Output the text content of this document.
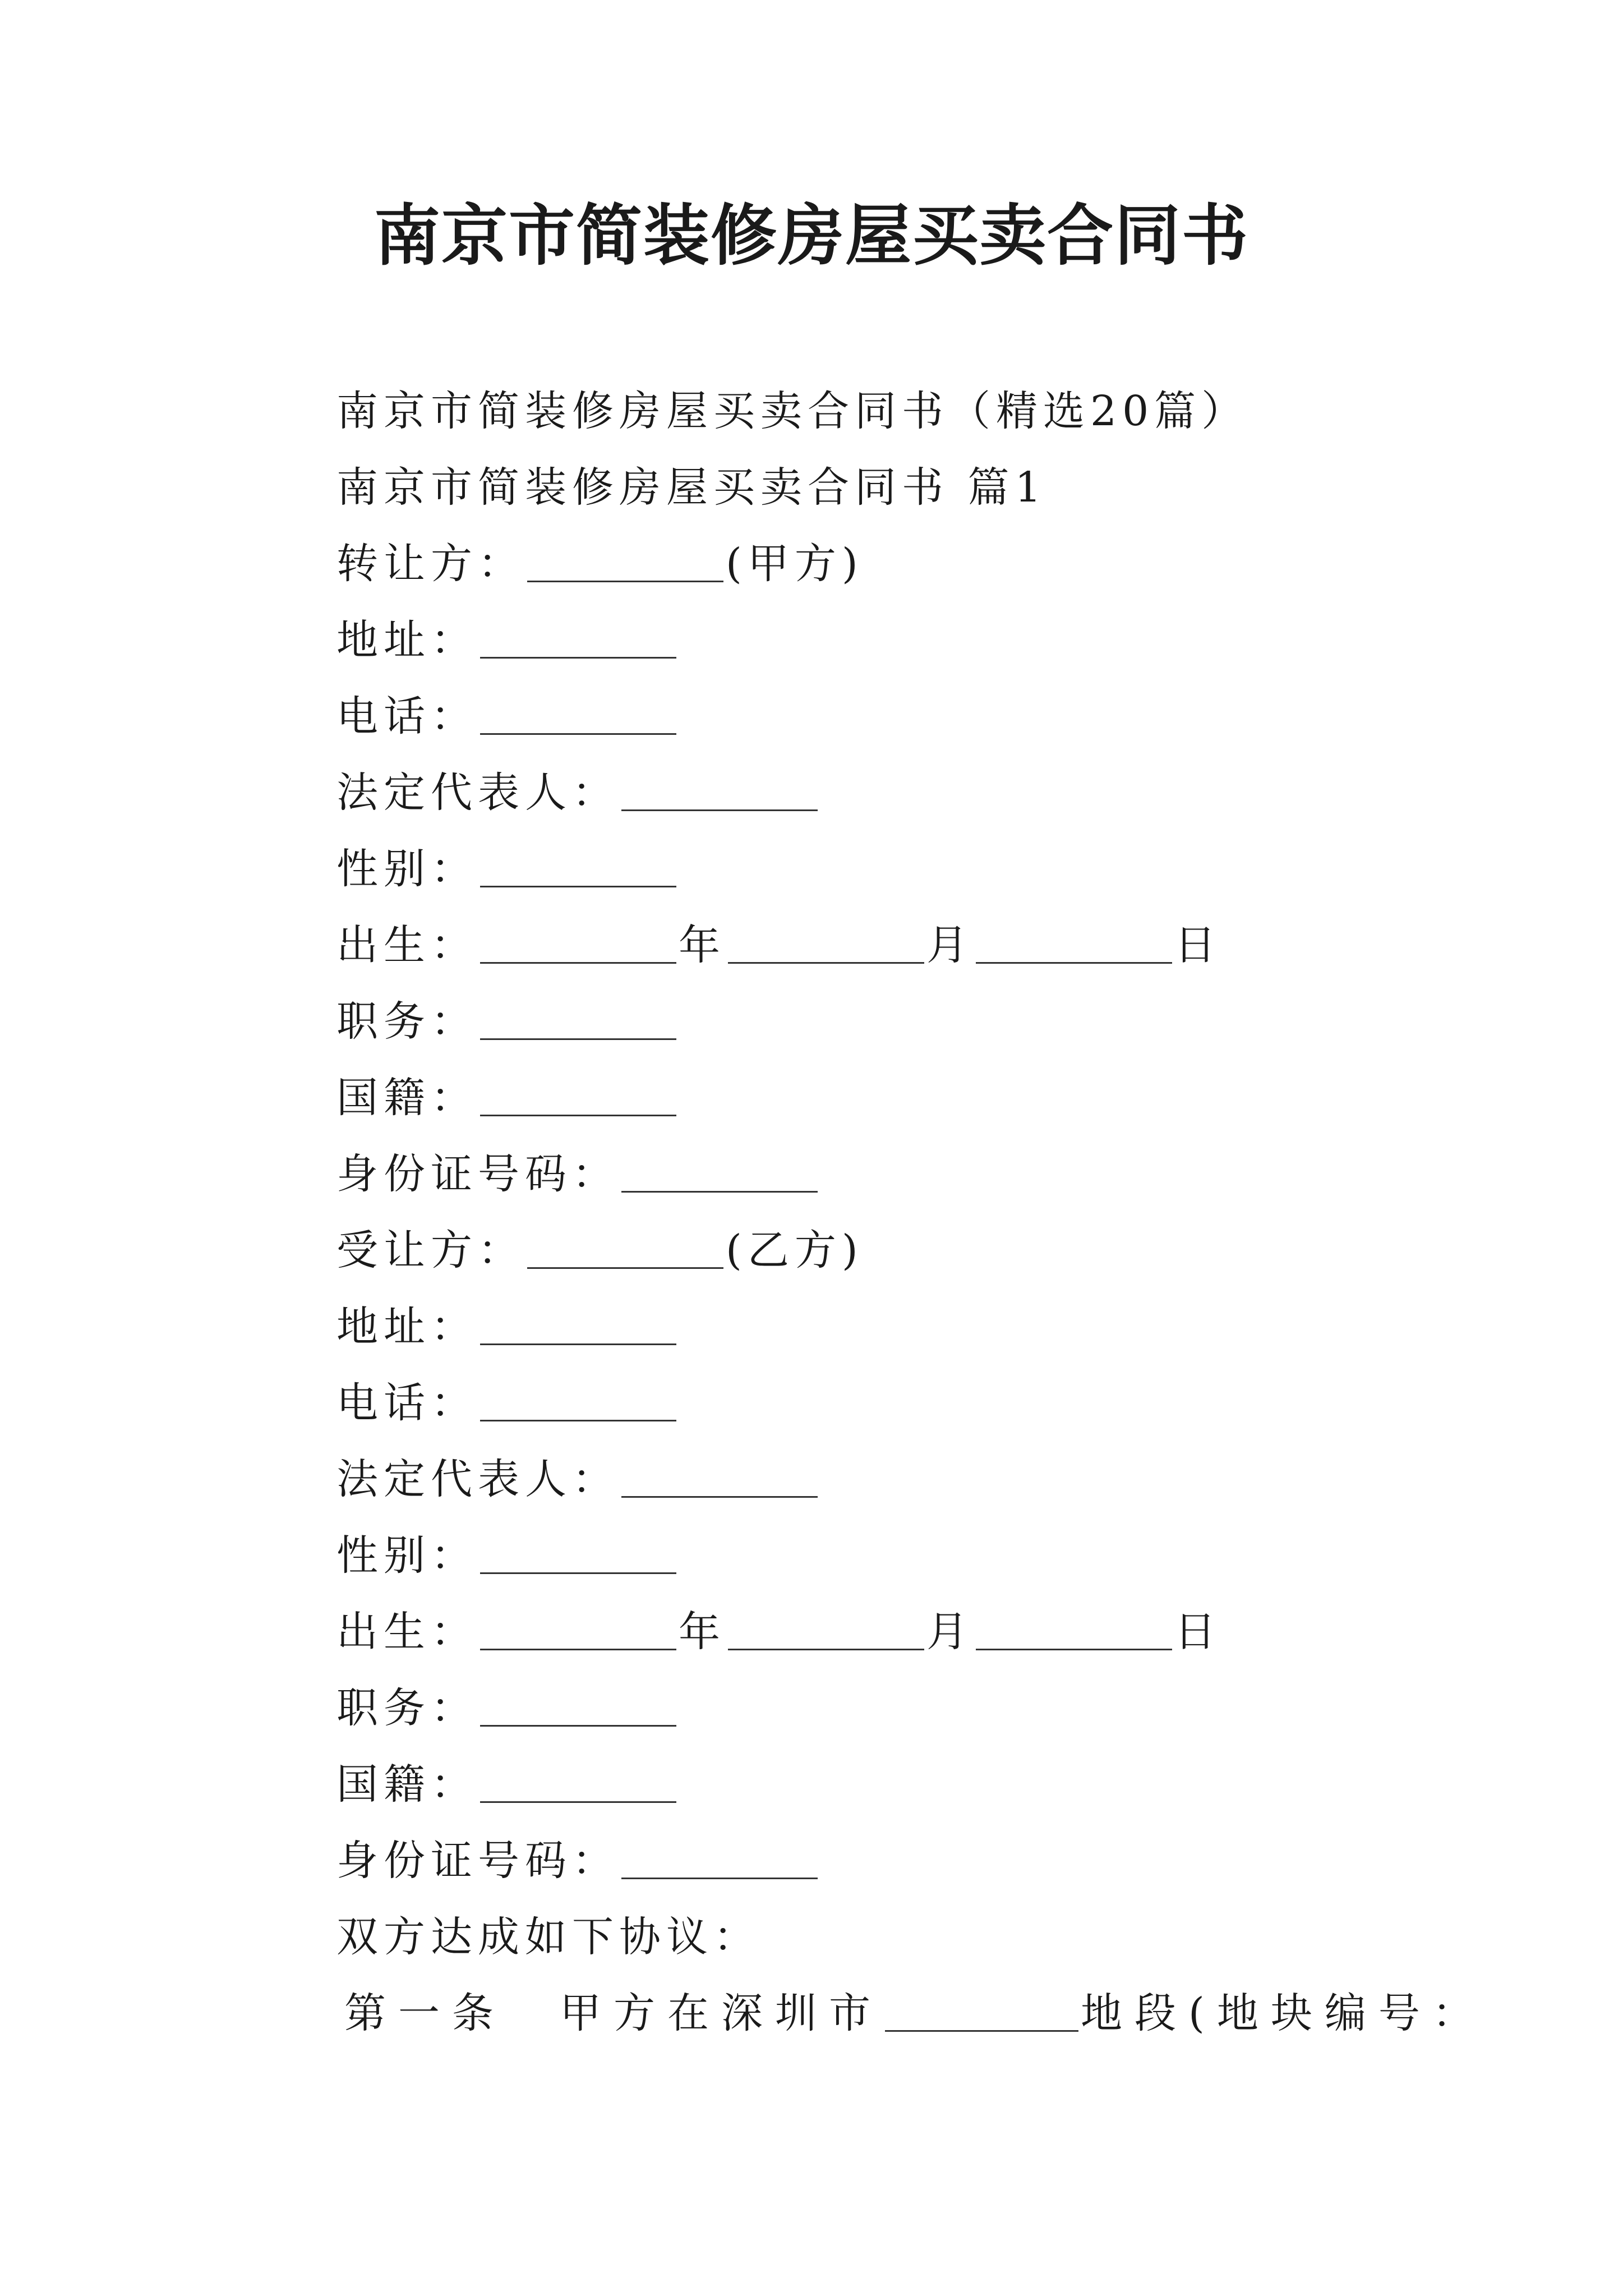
南京市简装修房屋买卖合同书
南京市简装修房屋买卖合同书（精选20篇）
南京市简装修房屋买卖合同书 篇1
转让方：	(甲方)
地址：
电话：
法定代表人：
性别：
出生：	年	月	日
职务：
国籍：
身份证号码：
受让方：	(乙方)
地址：
电话：
法定代表人：
性别：
出生：	年	月	日
职务：
国籍：
身份证号码：
双方达成如下协议：
第一条　甲方在深圳市	地段(地块编号：
